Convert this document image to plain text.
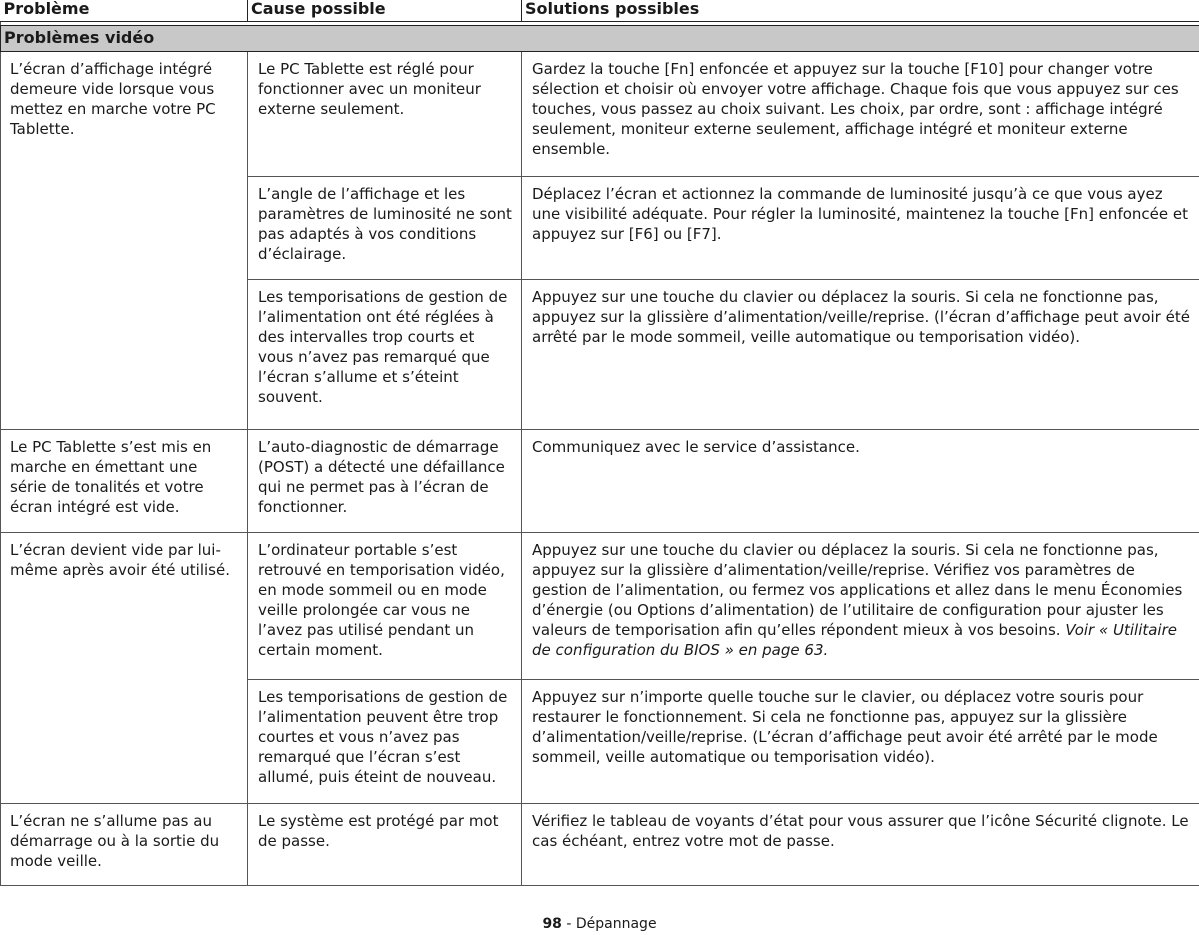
Problème	Cause possible	Solutions possibles

Problèmes vidéo		
L’écran d’affichage intégré demeure vide lorsque vous mettez en marche votre PC Tablette.	Le PC Tablette est réglé pour fonctionner avec un moniteur externe seulement.	Gardez la touche [Fn] enfoncée et appuyez sur la touche [F10] pour changer votre sélection et choisir où envoyer votre affichage. Chaque fois que vous appuyez sur ces touches, vous passez au choix suivant. Les choix, par ordre, sont : affichage intégré seulement, moniteur externe seulement, affichage intégré et moniteur externe ensemble.
	L’angle de l’affichage et les paramètres de luminosité ne sont pas adaptés à vos conditions d’éclairage.	Déplacez l’écran et actionnez la commande de luminosité jusqu’à ce que vous ayez une visibilité adéquate. Pour régler la luminosité, maintenez la touche [Fn] enfoncée et appuyez sur [F6] ou [F7].
	Les temporisations de gestion de l’alimentation ont été réglées à des intervalles trop courts et vous n’avez pas remarqué que l’écran s’allume et s’éteint souvent.	Appuyez sur une touche du clavier ou déplacez la souris. Si cela ne fonctionne pas, appuyez sur la glissière d’alimentation/veille/reprise. (l’écran d’affichage peut avoir été arrêté par le mode sommeil, veille automatique ou temporisation vidéo).
Le PC Tablette s’est mis en marche en émettant une série de tonalités et votre écran intégré est vide.	L’auto-diagnostic de démarrage (POST) a détecté une défaillance qui ne permet pas à l’écran de fonctionner.	Communiquez avec le service d’assistance.
L’écran devient vide par lui-même après avoir été utilisé.	L’ordinateur portable s’est retrouvé en temporisation vidéo, en mode sommeil ou en mode veille prolongée car vous ne l’avez pas utilisé pendant un certain moment.	Appuyez sur une touche du clavier ou déplacez la souris. Si cela ne fonctionne pas, appuyez sur la glissière d’alimentation/veille/reprise. Vérifiez vos paramètres de gestion de l’alimentation, ou fermez vos applications et allez dans le menu Économies d’énergie (ou Options d’alimentation) de l’utilitaire de configuration pour ajuster les valeurs de temporisation afin qu’elles répondent mieux à vos besoins. Voir « Utilitaire de configuration du BIOS » en page 63.
	Les temporisations de gestion de l’alimentation peuvent être trop courtes et vous n’avez pas remarqué que l’écran s’est allumé, puis éteint de nouveau.	Appuyez sur n’importe quelle touche sur le clavier, ou déplacez votre souris pour restaurer le fonctionnement. Si cela ne fonctionne pas, appuyez sur la glissière d’alimentation/veille/reprise. (L’écran d’affichage peut avoir été arrêté par le mode sommeil, veille automatique ou temporisation vidéo).
L’écran ne s’allume pas au démarrage ou à la sortie du mode veille.	Le système est protégé par mot de passe.	Vérifiez le tableau de voyants d’état pour vous assurer que l’icône Sécurité clignote. Le cas échéant, entrez votre mot de passe.
98 - Dépannage
